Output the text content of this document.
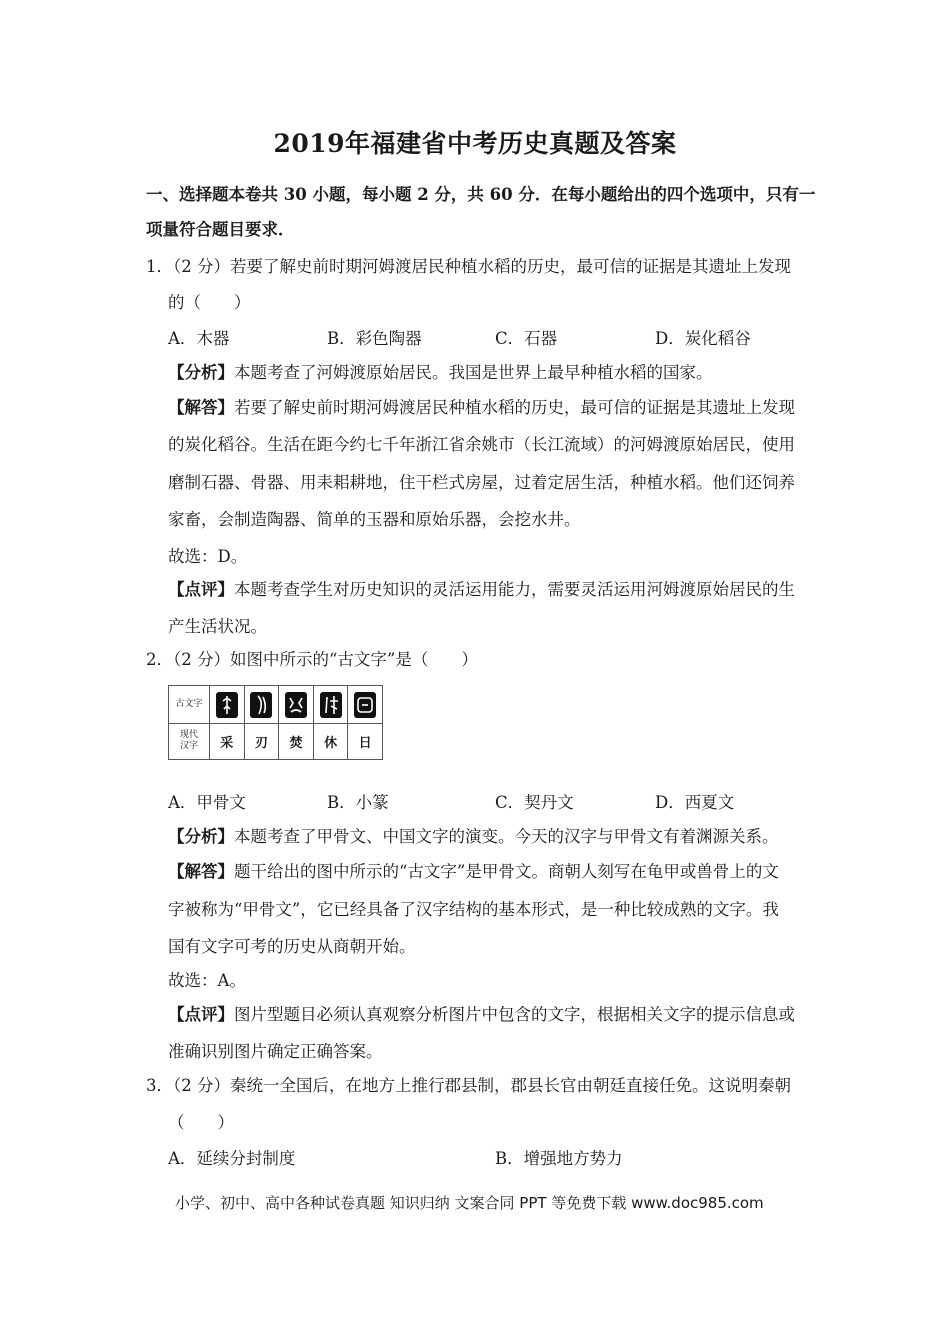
2019年福建省中考历史真题及答案
一、选择题本卷共 30 小题，每小题 2 分，共 60 分．在每小题给出的四个选项中，只有一
项量符合题目要求．
1．（2 分）若要了解史前时期河姆渡居民种植水稻的历史，最可信的证据是其遗址上发现
的（　　）
A．木器	B．彩色陶器	C．石器	D．炭化稻谷
【分析】本题考查了河姆渡原始居民。我国是世界上最早种植水稻的国家。
【解答】若要了解史前时期河姆渡居民种植水稻的历史，最可信的证据是其遗址上发现
的炭化稻谷。生活在距今约七千年浙江省余姚市（长江流域）的河姆渡原始居民，使用
磨制石器、骨器、用耒耜耕地，住干栏式房屋，过着定居生活，种植水稻。他们还饲养
家畜，会制造陶器、简单的玉器和原始乐器，会挖水井。
故选：D。
【点评】本题考查学生对历史知识的灵活运用能力，需要灵活运用河姆渡原始居民的生
产生活状况。
2．（2 分）如图中所示的“古文字”是（　　）
古文字
现代
汉字	采	刃	焚	休	日
A．甲骨文	B．小篆	C．契丹文	D．西夏文
【分析】本题考查了甲骨文、中国文字的演变。今天的汉字与甲骨文有着渊源关系。
【解答】题干给出的图中所示的“古文字”是甲骨文。商朝人刻写在龟甲或兽骨上的文
字被称为“甲骨文”，它已经具备了汉字结构的基本形式，是一种比较成熟的文字。我
国有文字可考的历史从商朝开始。
故选：A。
【点评】图片型题目必须认真观察分析图片中包含的文字，根据相关文字的提示信息或
准确识别图片确定正确答案。
3．（2 分）秦统一全国后，在地方上推行郡县制，郡县长官由朝廷直接任免。这说明秦朝
（　　）
A．延续分封制度	B．增强地方势力
小学、初中、高中各种试卷真题 知识归纳 文案合同 PPT 等免费下载 www.doc985.com
